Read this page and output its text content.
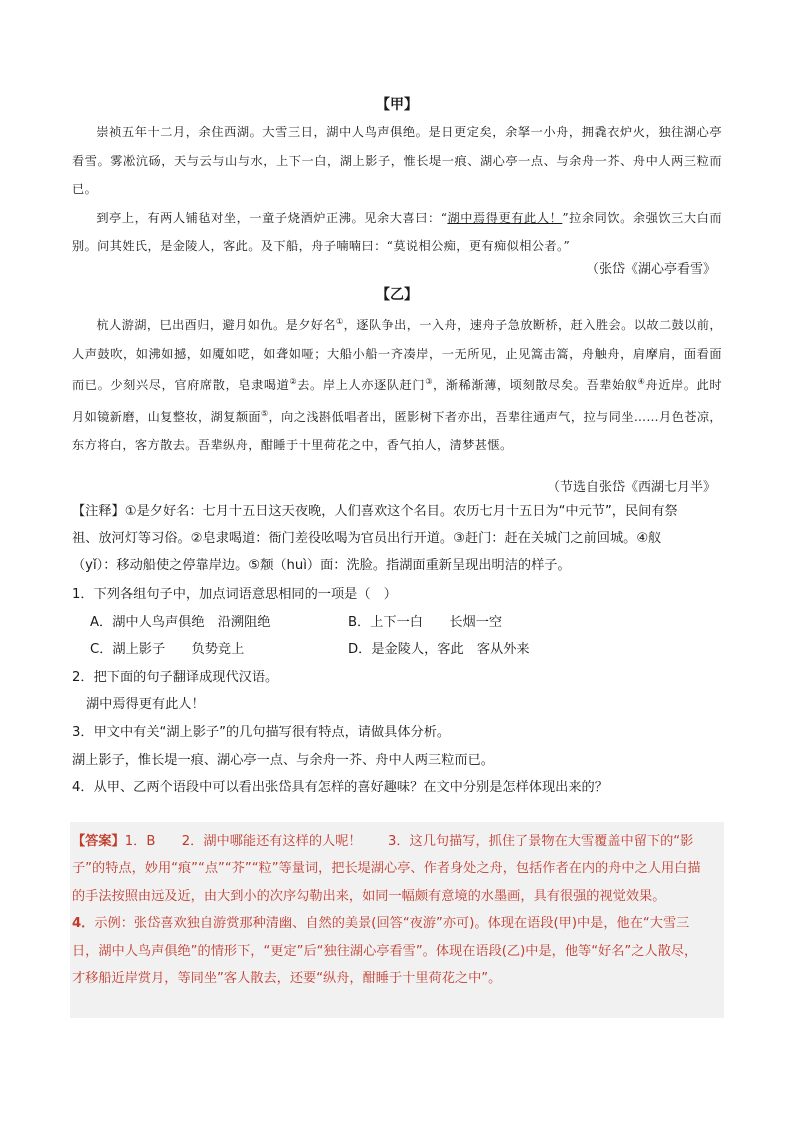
【甲】

崇祯五年十二月，余住西湖。大雪三日，湖中人鸟声俱绝。是日更定矣，余拏一小舟，拥毳衣炉火，独往湖心亭看雪。雾凇沆砀，天与云与山与水，上下一白，湖上影子，惟长堤一痕、湖心亭一点、与余舟一芥、舟中人两三粒而已。

到亭上，有两人铺毡对坐，一童子烧酒炉正沸。见余大喜曰：“湖中焉得更有此人！”拉余同饮。余强饮三大白而别。问其姓氏，是金陵人，客此。及下船，舟子喃喃曰：“莫说相公痴，更有痴似相公者。”

（张岱《湖心亭看雪》
【乙】

杭人游湖，巳出酉归，避月如仇。是夕好名①，逐队争出，一入舟，速舟子急放断桥，赶入胜会。以故二鼓以前，人声鼓吹，如沸如撼，如魇如呓，如聋如哑；大船小船一齐凑岸，一无所见，止见篙击篙，舟触舟，肩摩肩，面看面而已。少刻兴尽，官府席散，皂隶喝道②去。岸上人亦逐队赶门③，渐稀渐薄，顷刻散尽矣。吾辈始舣④舟近岸。此时月如镜新磨，山复整妆，湖复颒面⑤，向之浅斟低唱者出，匿影树下者亦出，吾辈往通声气，拉与同坐……月色苍凉，东方将白，客方散去。吾辈纵舟，酣睡于十里荷花之中，香气拍人，清梦甚惬。

（节选自张岱《西湖七月半》

【注释】①是夕好名：七月十五日这天夜晚，人们喜欢这个名目。农历七月十五日为“中元节”，民间有祭

祖、放河灯等习俗。②皂隶喝道：衙门差役吆喝为官员出行开道。③赶门：赶在关城门之前回城。④舣

（yǐ）：移动船使之停靠岸边。⑤颒（huì）面：洗脸。指湖面重新呈现出明洁的样子。

1．下列各组句子中，加点词语意思相同的一项是（　）

A．湖中人鸟声俱绝　沿溯阻绝	B．上下一白　　长烟一空
C．湖上影子　　负势竞上	D．是金陵人，客此　客从外来

2．把下面的句子翻译成现代汉语。

湖中焉得更有此人！

3．甲文中有关“湖上影子”的几句描写很有特点，请做具体分析。

湖上影子，惟长堤一痕、湖心亭一点、与余舟一芥、舟中人两三粒而已。

4．从甲、乙两个语段中可以看出张岱具有怎样的喜好趣味？在文中分别是怎样体现出来的？

【答案】1．B　　2．湖中哪能还有这样的人呢！　　3．这几句描写，抓住了景物在大雪覆盖中留下的“影

子”的特点，妙用“痕”“点”“芥”“粒”等量词，把长堤湖心亭、作者身处之舟，包括作者在内的舟中之人用白描

的手法按照由远及近，由大到小的次序勾勒出来，如同一幅颇有意境的水墨画，具有很强的视觉效果。

4．示例：张岱喜欢独自游赏那种清幽、自然的美景(回答“夜游”亦可)。体现在语段(甲)中是，他在“大雪三

日，湖中人鸟声俱绝”的情形下，“更定”后“独往湖心亭看雪”。体现在语段(乙)中是，他等“好名”之人散尽，

才移船近岸赏月，等同坐”客人散去，还要“纵舟，酣睡于十里荷花之中”。
